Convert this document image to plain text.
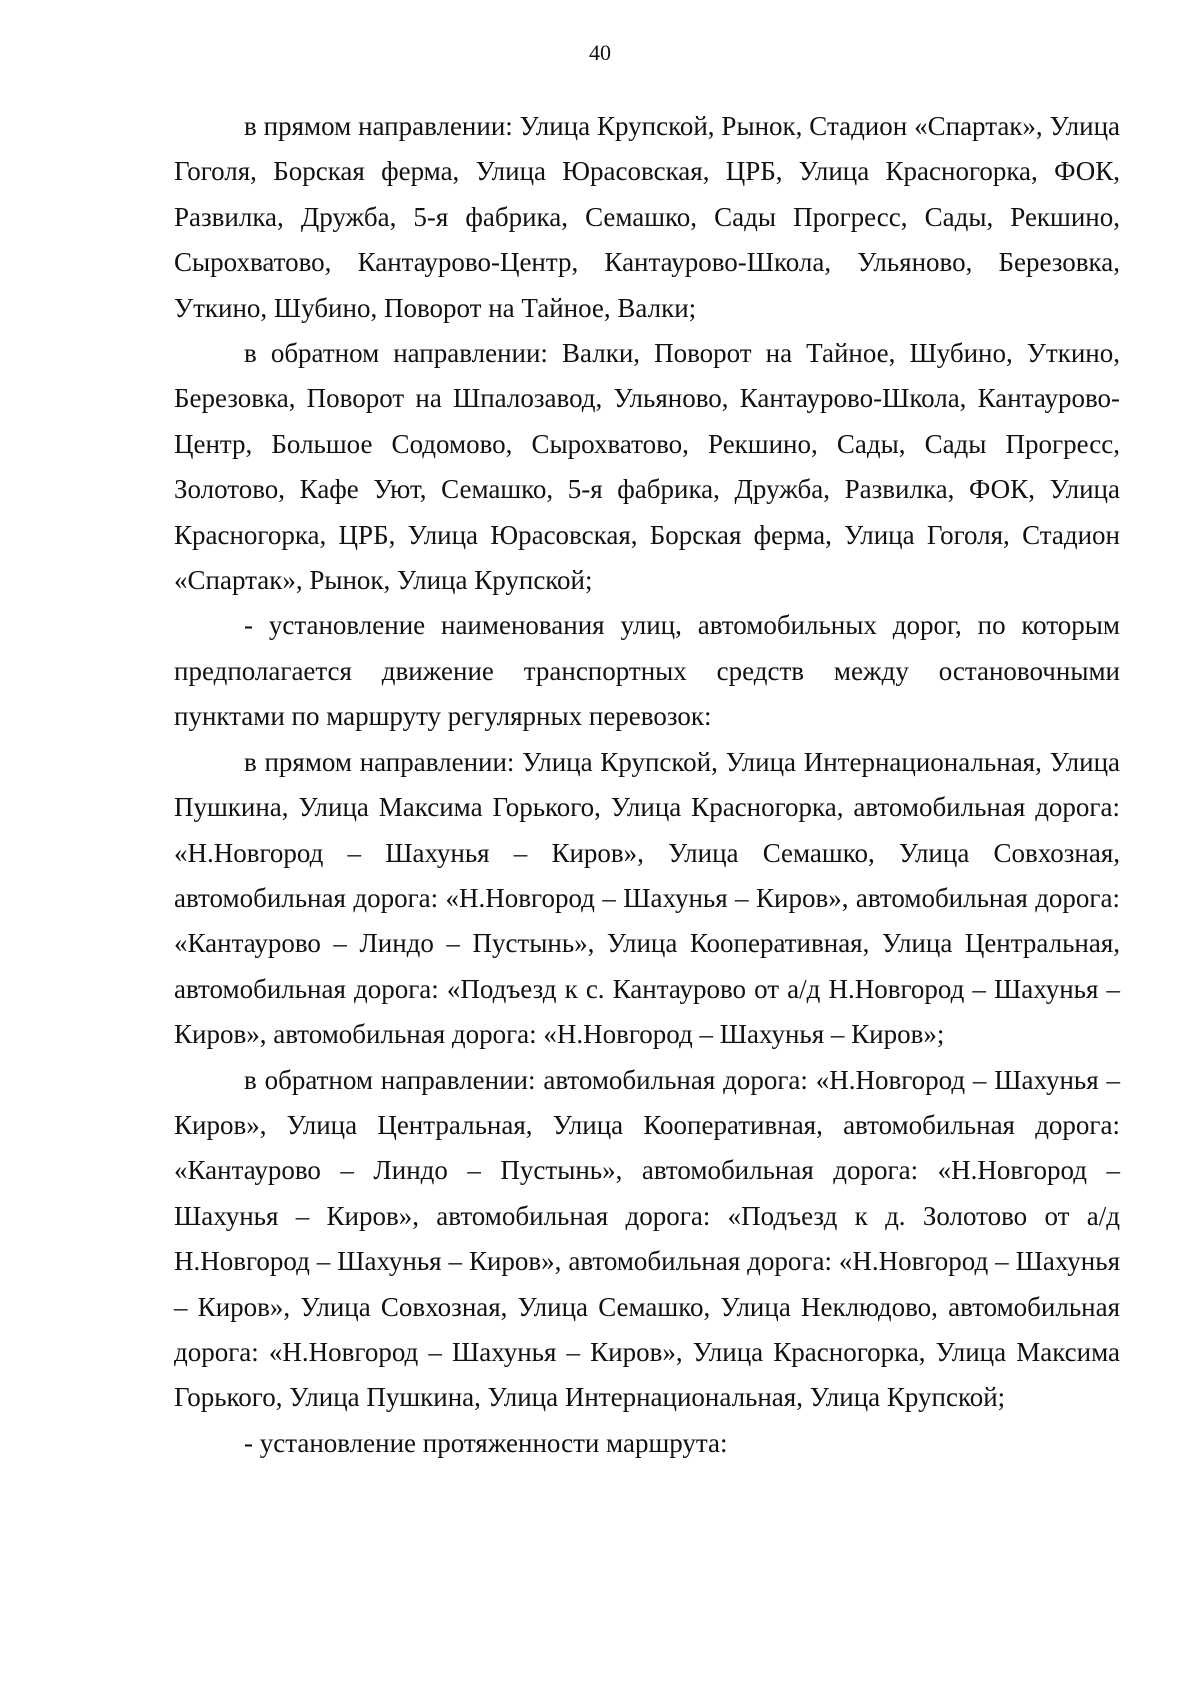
40

в прямом направлении: Улица Крупской, Рынок, Стадион «Спартак», Улица Гоголя, Борская ферма, Улица Юрасовская, ЦРБ, Улица Красногорка, ФОК, Развилка, Дружба, 5-я фабрика, Семашко, Сады Прогресс, Сады, Рекшино, Сырохватово, Кантаурово-Центр, Кантаурово-Школа, Ульяново, Березовка, Уткино, Шубино, Поворот на Тайное, Валки;

в обратном направлении: Валки, Поворот на Тайное, Шубино, Уткино, Березовка, Поворот на Шпалозавод, Ульяново, Кантаурово-Школа, Кантаурово-Центр, Большое Содомово, Сырохватово, Рекшино, Сады, Сады Прогресс, Золотово, Кафе Уют, Семашко, 5-я фабрика, Дружба, Развилка, ФОК, Улица Красногорка, ЦРБ, Улица Юрасовская, Борская ферма, Улица Гоголя, Стадион «Спартак», Рынок, Улица Крупской;

- установление наименования улиц, автомобильных дорог, по которым предполагается движение транспортных средств между остановочными пунктами по маршруту регулярных перевозок:

в прямом направлении: Улица Крупской, Улица Интернациональная, Улица Пушкина, Улица Максима Горького, Улица Красногорка, автомобильная дорога: «Н.Новгород – Шахунья – Киров», Улица Семашко, Улица Совхозная, автомобильная дорога: «Н.Новгород – Шахунья – Киров», автомобильная дорога: «Кантаурово – Линдо – Пустынь», Улица Кооперативная, Улица Центральная, автомобильная дорога: «Подъезд к с. Кантаурово от а/д Н.Новгород – Шахунья – Киров», автомобильная дорога: «Н.Новгород – Шахунья – Киров»;

в обратном направлении: автомобильная дорога: «Н.Новгород – Шахунья – Киров», Улица Центральная, Улица Кооперативная, автомобильная дорога: «Кантаурово – Линдо – Пустынь», автомобильная дорога: «Н.Новгород – Шахунья – Киров», автомобильная дорога: «Подъезд к д. Золотово от а/д Н.Новгород – Шахунья – Киров», автомобильная дорога: «Н.Новгород – Шахунья – Киров», Улица Совхозная, Улица Семашко, Улица Неклюдово, автомобильная дорога: «Н.Новгород – Шахунья – Киров», Улица Красногорка, Улица Максима Горького, Улица Пушкина, Улица Интернациональная, Улица Крупской;

- установление протяженности маршрута:
